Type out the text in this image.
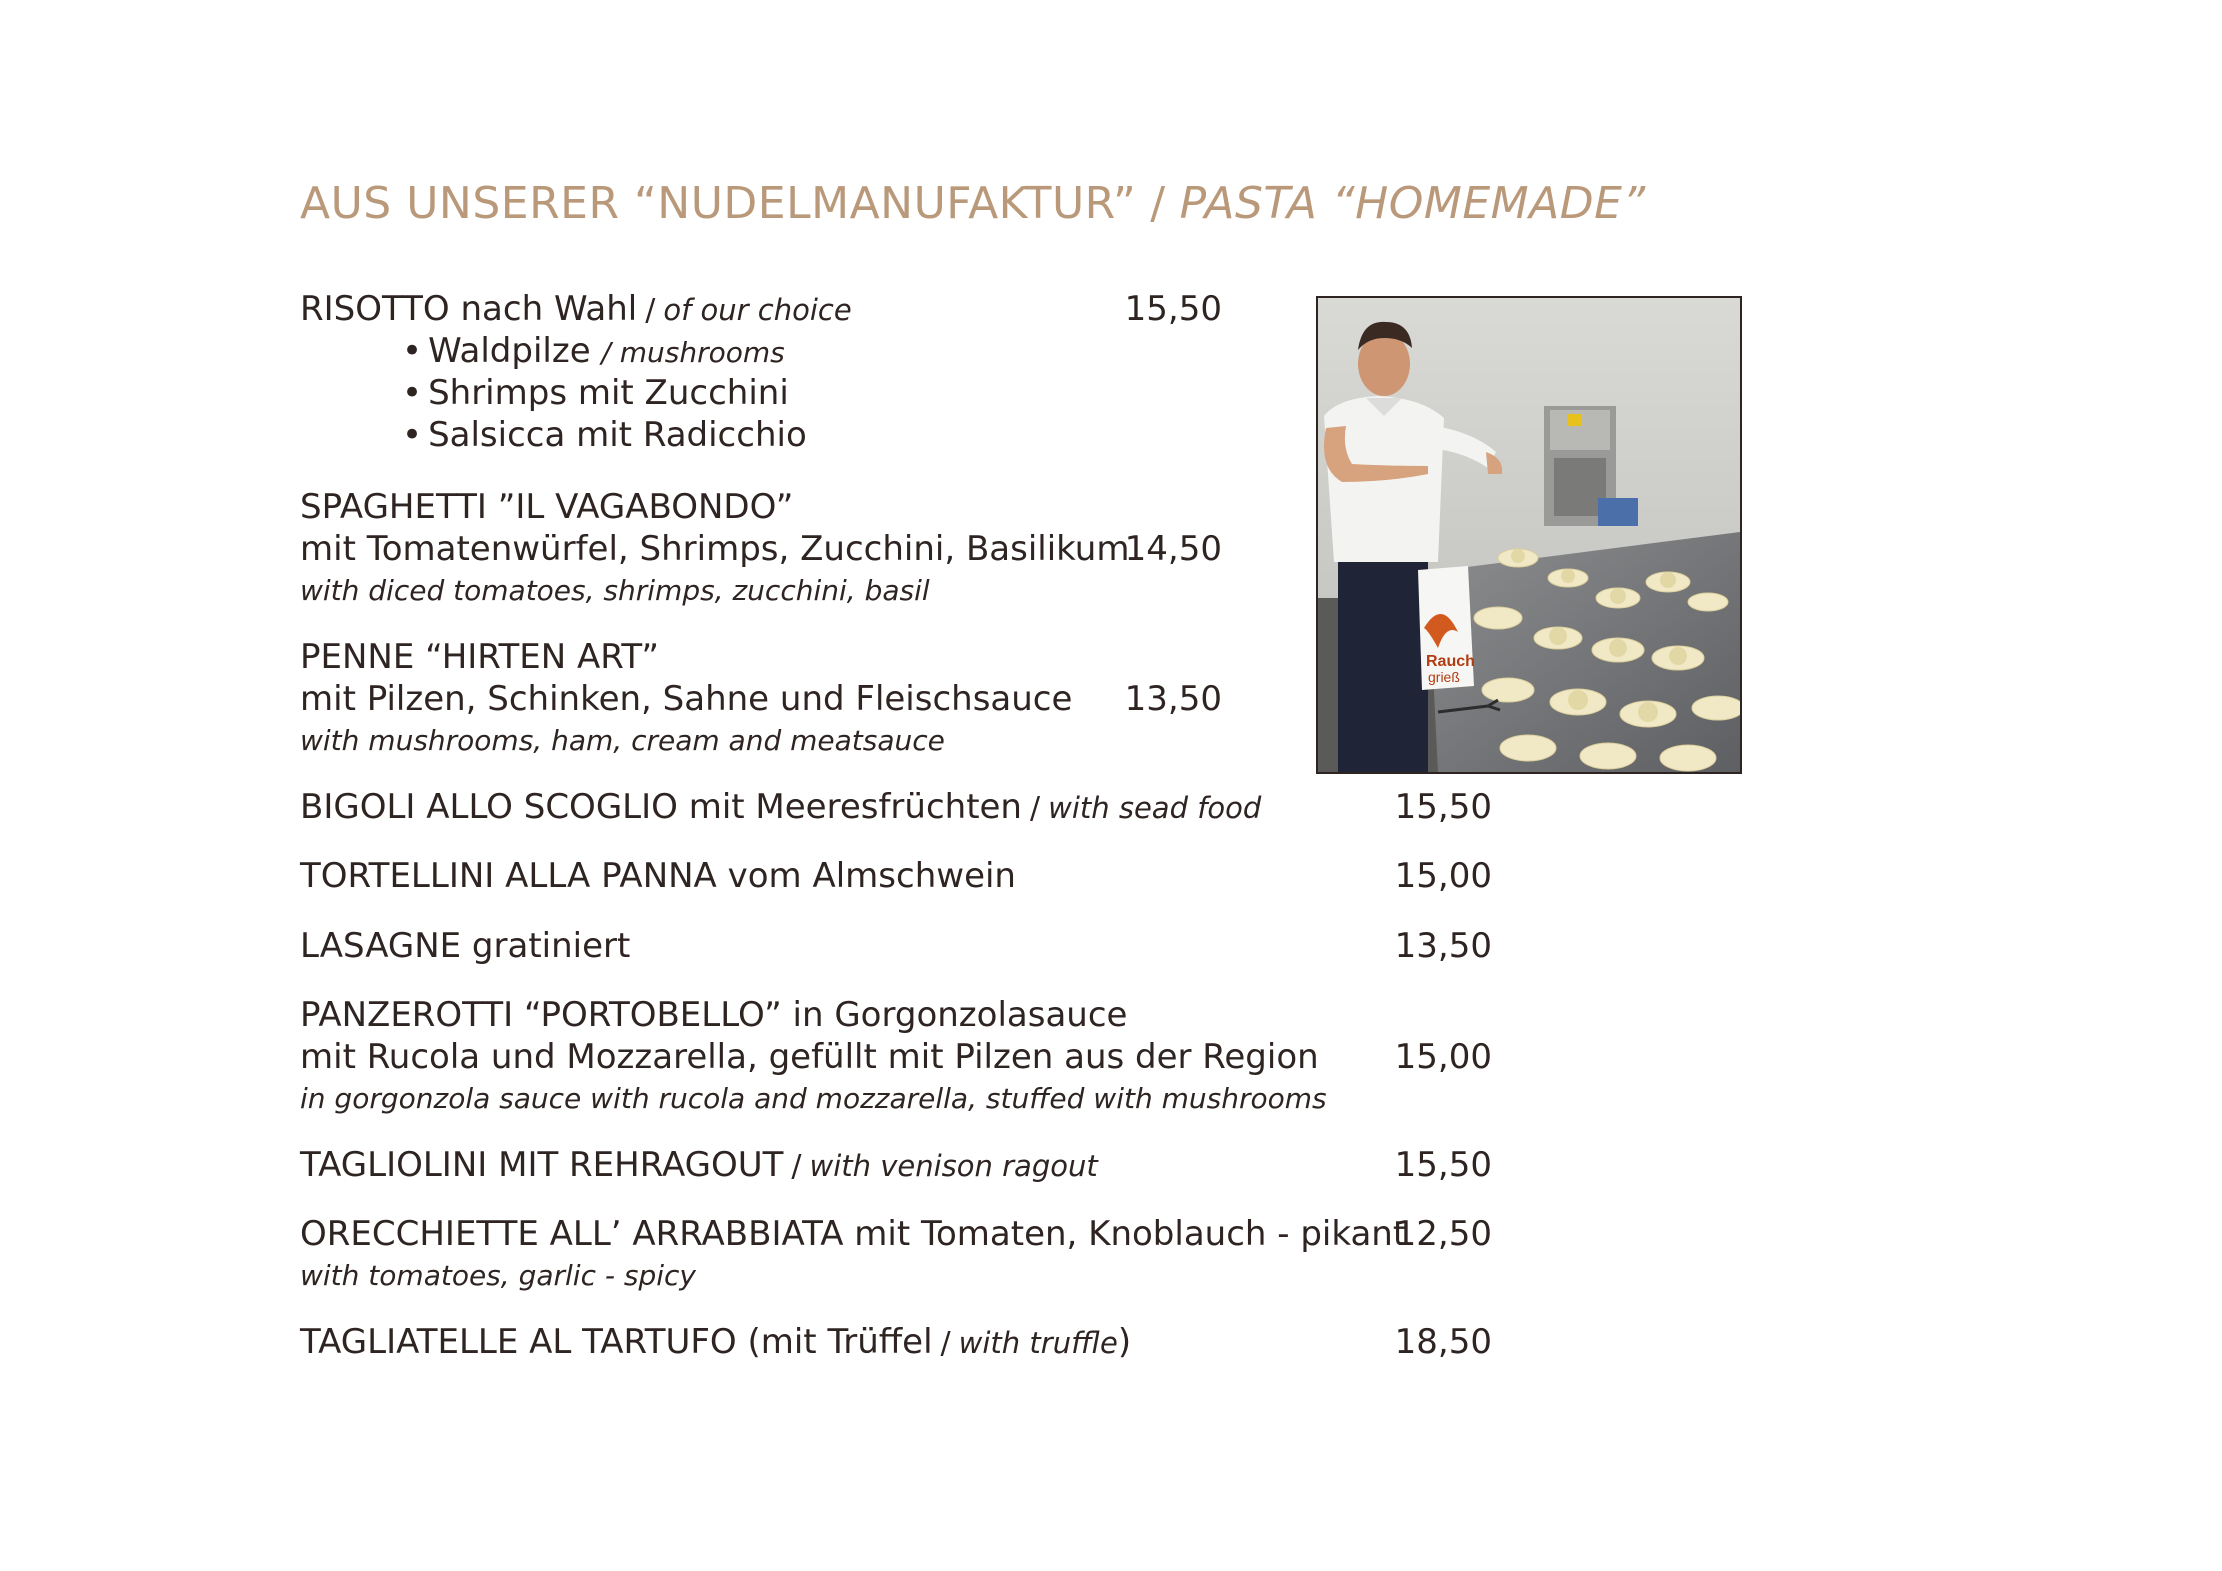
AUS UNSERER “NUDELMANUFAKTUR” / PASTA “HOMEMADE”
RISOTTO nach Wahl / of our choice
• Waldpilze / mushrooms
• Shrimps mit Zucchini
• Salsicca mit Radicchio
15,50
SPAGHETTI ”IL VAGABONDO”
mit Tomatenwürfel, Shrimps, Zucchini, Basilikum
with diced tomatoes, shrimps, zucchini, basil
14,50
PENNE “HIRTEN ART”
mit Pilzen, Schinken, Sahne und Fleischsauce
with mushrooms, ham, cream and meatsauce
13,50
BIGOLI ALLO SCOGLIO mit Meeresfrüchten / with sead food	15,50
TORTELLINI ALLA PANNA vom Almschwein	15,00
LASAGNE gratiniert	13,50
PANZEROTTI “PORTOBELLO” in Gorgonzolasauce
mit Rucola und Mozzarella, gefüllt mit Pilzen aus der Region
in gorgonzola sauce with rucola and mozzarella, stuffed with mushrooms
15,00
TAGLIOLINI MIT REHRAGOUT / with venison ragout	15,50
ORECCHIETTE ALL’ ARRABBIATA mit Tomaten, Knoblauch - pikant
with tomatoes, garlic - spicy
12,50
TAGLIATELLE AL TARTUFO (mit Trüffel / with truffle)	18,50
Rauch
grieß
